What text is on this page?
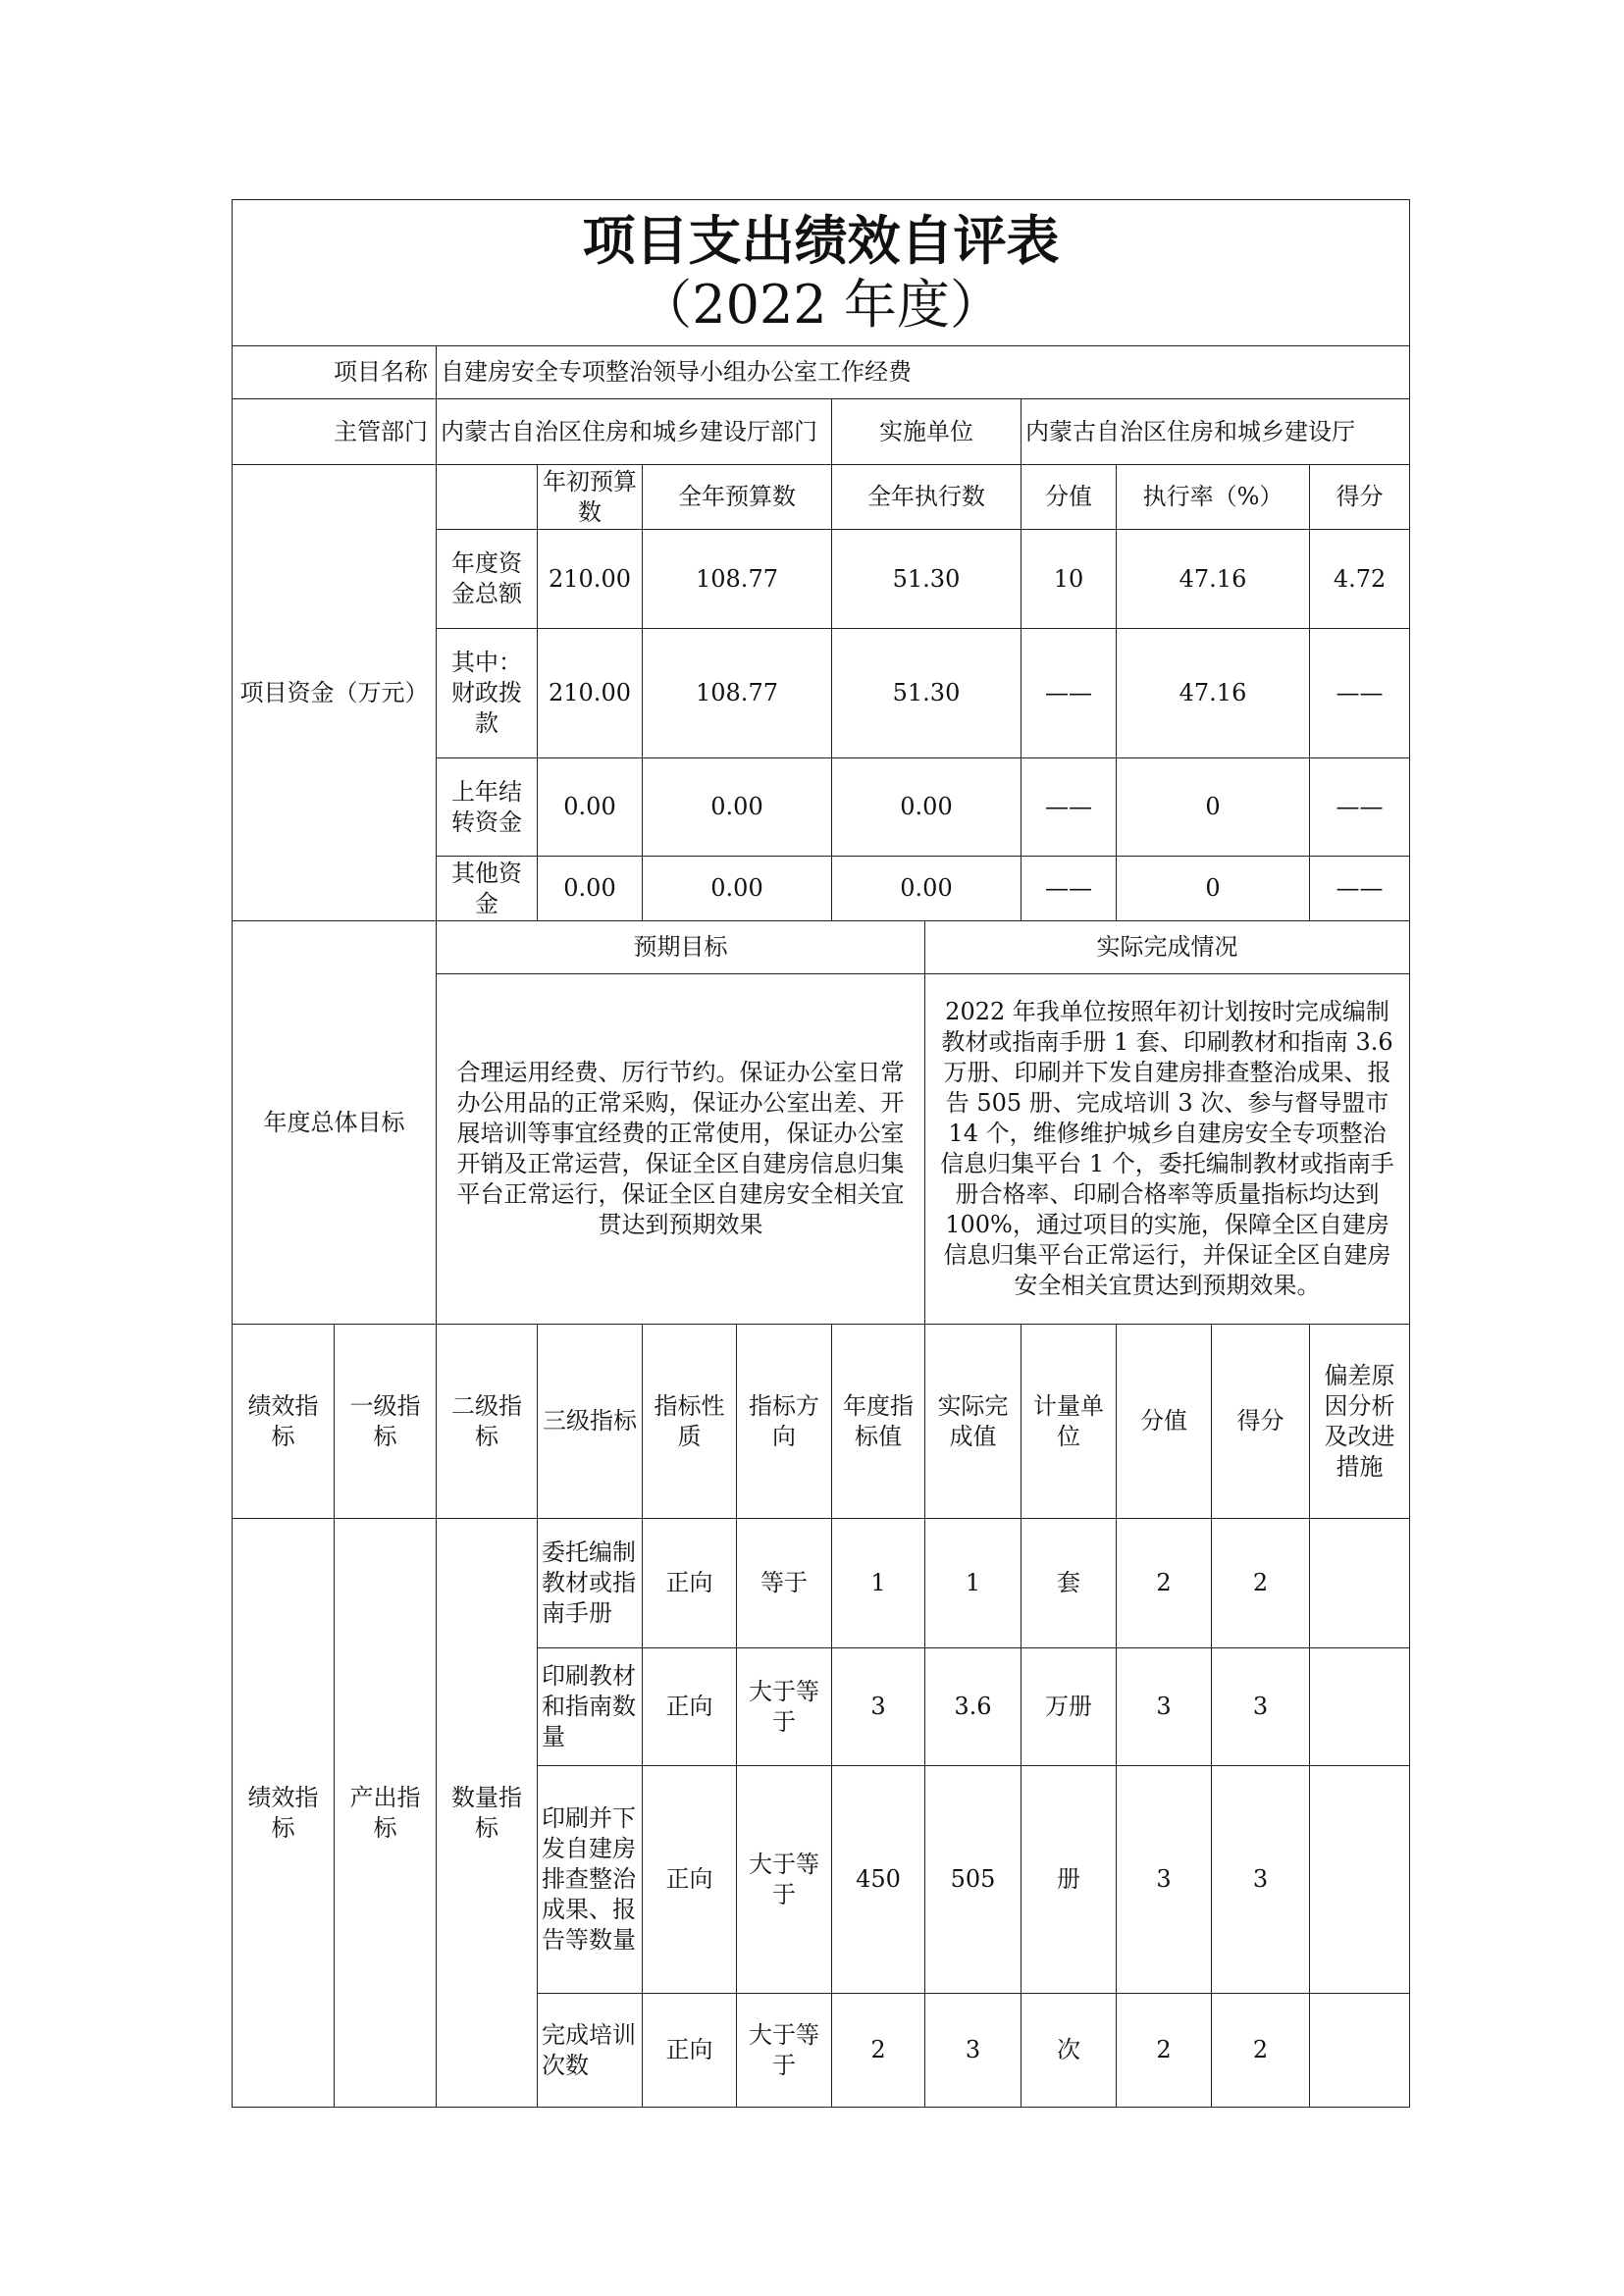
项目支出绩效自评表
（2022 年度）											

项目名称		自建房安全专项整治领导小组办公室工作经费									
主管部门		内蒙古自治区住房和城乡建设厅部门				实施单位		内蒙古自治区住房和城乡建设厅			
项目资金（万元）			年初预算数	全年预算数		全年执行数		分值	执行率（%）		得分
		年度资金总额	210.00	108.77		51.30		10	47.16		4.72
		其中：财政拨款	210.00	108.77		51.30		——	47.16		——
		上年结转资金	0.00	0.00		0.00		——	0		——
		其他资金	0.00	0.00		0.00		——	0		——
年度总体目标		预期目标					实际完成情况				
		合理运用经费、厉行节约。保证办公室日常办公用品的正常采购，保证办公室出差、开展培训等事宜经费的正常使用，保证办公室开销及正常运营，保证全区自建房信息归集平台正常运行，保证全区自建房安全相关宜贯达到预期效果					2022 年我单位按照年初计划按时完成编制教材或指南手册 1 套、印刷教材和指南 3.6 万册、印刷并下发自建房排查整治成果、报告 505 册、完成培训 3 次、参与督导盟市 14 个，维修维护城乡自建房安全专项整治信息归集平台 1 个，委托编制教材或指南手册合格率、印刷合格率等质量指标均达到 100%，通过项目的实施，保障全区自建房信息归集平台正常运行，并保证全区自建房安全相关宜贯达到预期效果。				
绩效指标	一级指标	二级指标	三级指标	指标性质	指标方向	年度指标值	实际完成值	计量单位	分值	得分	偏差原因分析及改进措施
绩效指标	产出指标	数量指标	委托编制教材或指南手册	正向	等于	1	1	套	2	2	
			印刷教材和指南数量	正向	大于等于	3	3.6	万册	3	3	
			印刷并下发自建房排查整治成果、报告等数量	正向	大于等于	450	505	册	3	3	
			完成培训次数	正向	大于等于	2	3	次	2	2	
